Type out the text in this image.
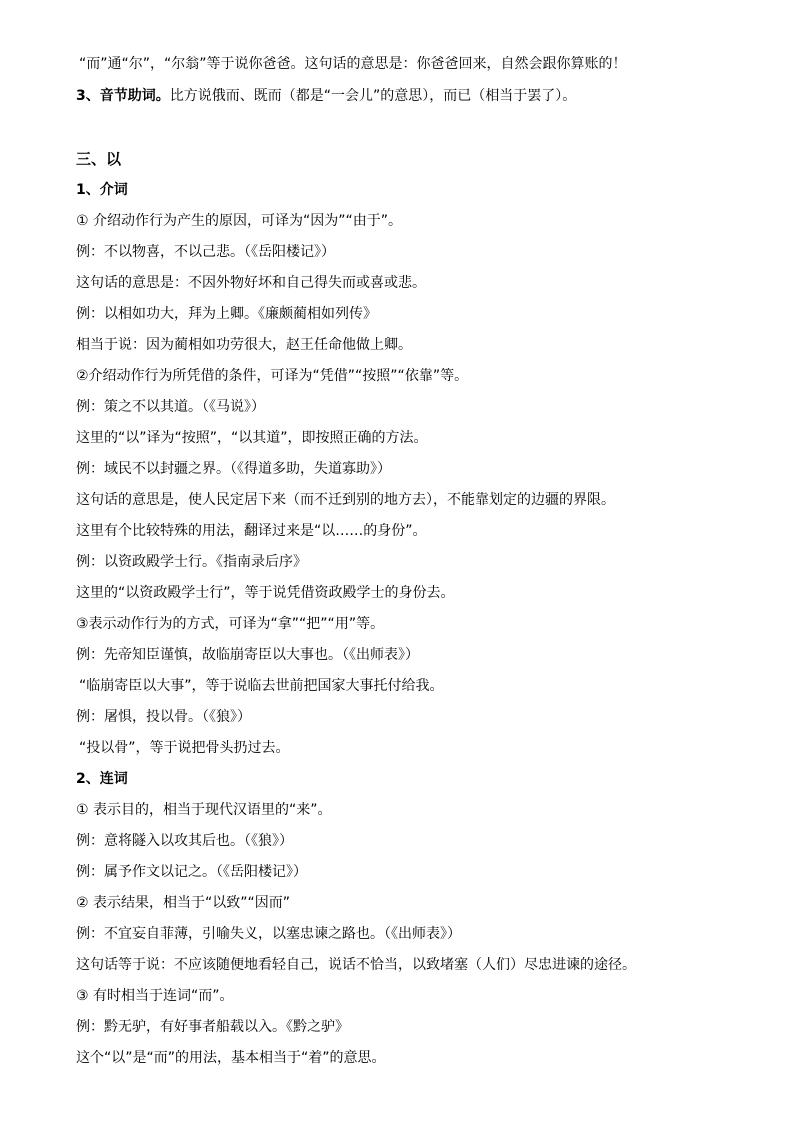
“而”通“尔”，“尔翁”等于说你爸爸。这句话的意思是：你爸爸回来，自然会跟你算账的！
3、音节助词。比方说俄而、既而（都是“一会儿”的意思），而已（相当于罢了）。
三、以
1、介词
① 介绍动作行为产生的原因，可译为“因为”“由于”。
例：不以物喜，不以己悲。（《岳阳楼记》）
这句话的意思是：不因外物好坏和自己得失而或喜或悲。
例：以相如功大，拜为上卿。《廉颇蔺相如列传》
相当于说：因为蔺相如功劳很大，赵王任命他做上卿。
②介绍动作行为所凭借的条件，可译为“凭借”“按照”“依靠”等。
例：策之不以其道。（《马说》）
这里的“以”译为“按照”，“以其道”，即按照正确的方法。
例：域民不以封疆之界。（《得道多助，失道寡助》）
这句话的意思是，使人民定居下来（而不迁到别的地方去），不能靠划定的边疆的界限。
这里有个比较特殊的用法，翻译过来是“以……的身份”。
例：以资政殿学士行。《指南录后序》
这里的“以资政殿学士行”，等于说凭借资政殿学士的身份去。
③表示动作行为的方式，可译为“拿”“把”“用”等。
例：先帝知臣谨慎，故临崩寄臣以大事也。（《出师表》）
“临崩寄臣以大事”，等于说临去世前把国家大事托付给我。
例：屠惧，投以骨。（《狼》）
“投以骨”，等于说把骨头扔过去。
2、连词
① 表示目的，相当于现代汉语里的“来”。
例：意将隧入以攻其后也。（《狼》）
例：属予作文以记之。（《岳阳楼记》）
② 表示结果，相当于“以致”“因而”
例：不宜妄自菲薄，引喻失义，以塞忠谏之路也。（《出师表》）
这句话等于说：不应该随便地看轻自己，说话不恰当，以致堵塞（人们）尽忠进谏的途径。
③ 有时相当于连词“而”。
例：黔无驴，有好事者船载以入。《黔之驴》
这个“以”是“而”的用法，基本相当于“着”的意思。
